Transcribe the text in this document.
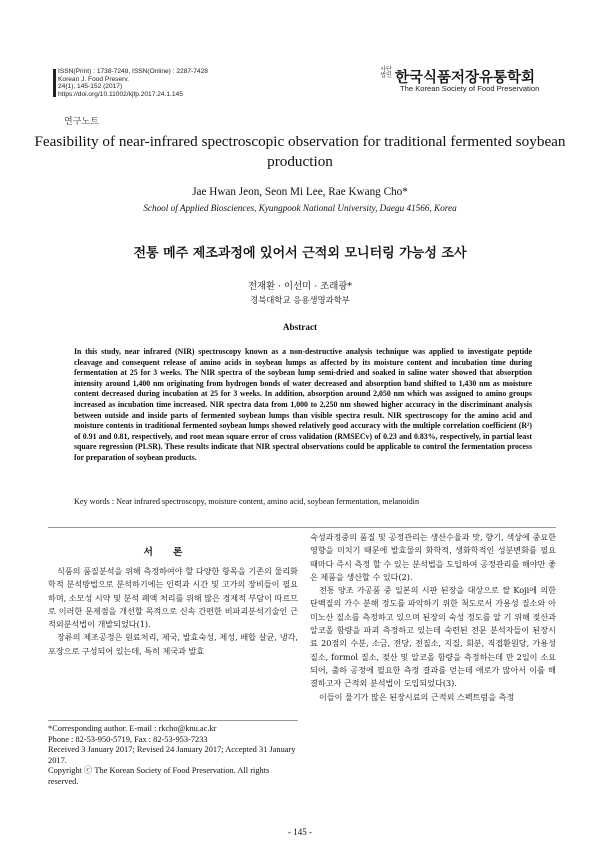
ISSN(Print) : 1738-7248, ISSN(Online) : 2287-7428
Korean J. Food Preserv.
24(1), 145-152 (2017)
https://doi.org/10.11002/kjfp.2017.24.1.145
사단
법인 한국식품저장유통학회
The Korean Society of Food Preservation
연구노트
Feasibility of near-infrared spectroscopic observation for traditional fermented soybean production
Jae Hwan Jeon, Seon Mi Lee, Rae Kwang Cho*
School of Applied Biosciences, Kyungpook National University, Daegu 41566, Korea
전통 메주 제조과정에 있어서 근적외 모니터링 가능성 조사
전재환 · 이선미 · 조래광*
경북대학교 응용생명과학부
Abstract
In this study, near infrared (NIR) spectroscopy known as a non-destructive analysis technique was applied to investigate peptide cleavage and consequent release of amino acids in soybean lumps as affected by its moisture content and incubation time during fermentation at 25 for 3 weeks. The NIR spectra of the soybean lump semi-dried and soaked in saline water showed that absorption intensity around 1,400 nm originating from hydrogen bonds of water decreased and absorption band shifted to 1,430 nm as moisture content decreased during incubation at 25 for 3 weeks. In addition, absorption around 2,050 nm which was assigned to amino groups increased as incubation time increased. NIR spectra data from 1,000 to 2,250 nm showed higher accuracy in the discriminant analysis between outside and inside parts of fermented soybean lumps than visible spectra result. NIR spectroscopy for the amino acid and moisture contents in traditional fermented soybean lumps showed relatively good accuracy with the multiple correlation coefficient (R²) of 0.91 and 0.81, respectively, and root mean square error of cross validation (RMSECv) of 0.23 and 0.83%, respectively, in partial least square regression (PLSR). These results indicate that NIR spectral observations could be applicable to control the fermentation process for preparation of soybean products.
Key words : Near infrared spectroscopy, moisture content, amino acid, soybean fermentation, melanoidin
서론

식품의 품질분석을 위해 측정하여야 할 다양한 항목을 기존의 물리화학적 분석방법으로 분석하기에는 인력과 시간 및 고가의 장비들이 필요하며, 소모성 시약 및 분석 폐액 처리를 위해 많은 경제적 부담이 따르므로 이러한 문제점을 개선할 목적으로 신속 간편한 비파괴분석기술인 근적외분석법이 개발되었다(1).

장류의 제조공정은 원료처리, 제국, 발효숙성, 제성, 배합 살균, 냉각, 포장으로 구성되어 있는데, 특히 제국과 발효

숙성과정중의 품질 및 공정관리는 생산수율과 맛, 향기, 색상에 중요한 영향을 미치기 때문에 발효물의 화학적, 생화학적인 성분변화를 필요 때마다 즉시 측정 할 수 있는 분석법을 도입하여 공정관리를 해야만 좋은 제품을 생산할 수 있다(2).

전통 양조 가공품 중 일본의 시판 된장을 대상으로 쌀 Koji에 의한 단백질의 가수 분해 정도를 파악하기 위한 척도로서 가용성 질소와 아미노산 질소를 측정하고 있으며 된장의 숙성 정도를 알 기 위해 젖산과 알코올 함량을 파괴 측정하고 있는데 숙련된 전문 분석자들이 된장시료 20점의 수분, 소금, 전당, 전질소, 지질, 회분, 직접환원당, 가용성질소, formol 질소, 젖산 및 알코올 함량을 측정하는데 만 2일이 소요되어, 출하 공정에 필요한 측정 결과를 얻는데 애로가 많아서 이를 해결하고자 근적외 분석법이 도입되었다(3).

이들이 물기가 많은 된장시료의 근적외 스펙트럼을 측정

*Corresponding author. E-mail : rkcho@knu.ac.kr
Phone : 82-53-950-5719, Fax : 82-53-953-7233
Received 3 January 2017; Revised 24 January 2017; Accepted 31 January 2017.
Copyright ⓒ The Korean Society of Food Preservation. All rights reserved.
- 145 -
